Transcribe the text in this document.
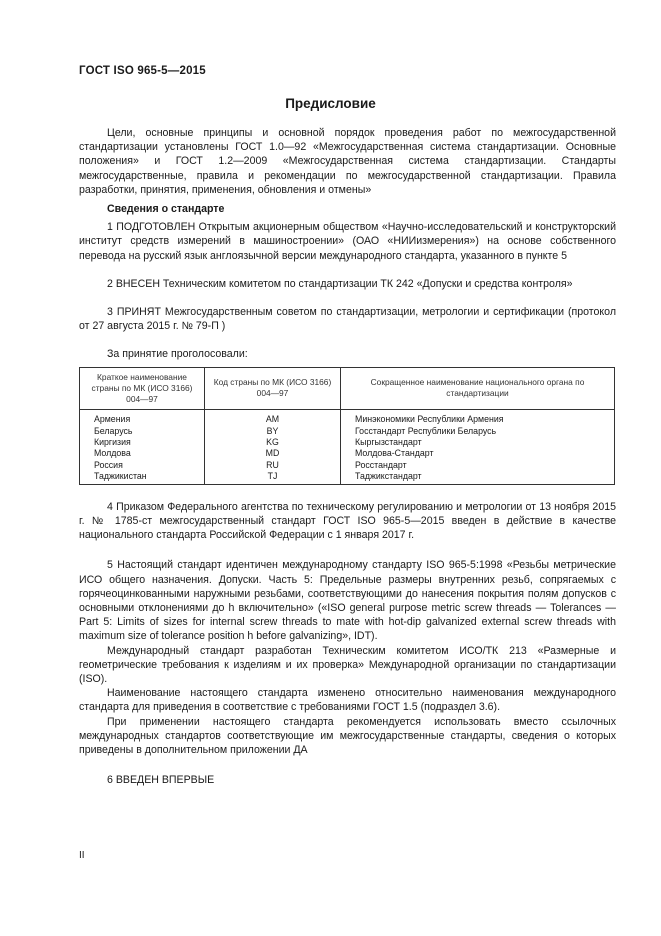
ГОСТ ISO 965-5—2015
Предисловие

Цели, основные принципы и основной порядок проведения работ по межгосударственной стандартизации установлены ГОСТ 1.0—92 «Межгосударственная система стандартизации. Основные положения» и ГОСТ 1.2—2009 «Межгосударственная система стандартизации. Стандарты межгосударственные, правила и рекомендации по межгосударственной стандартизации. Правила разработки, принятия, применения, обновления и отмены»

Сведения о стандарте

1 ПОДГОТОВЛЕН Открытым акционерным обществом «Научно-исследовательский и конструкторский институт средств измерений в машиностроении» (ОАО «НИИизмерения») на основе собственного перевода на русский язык англоязычной версии международного стандарта, указанного в пункте 5

2 ВНЕСЕН Техническим комитетом по стандартизации ТК 242 «Допуски и средства контроля»

3 ПРИНЯТ Межгосударственным советом по стандартизации, метрологии и сертификации (протокол от 27 августа 2015 г. № 79-П )

За принятие проголосовали:

Краткое наименование страны по МК (ИСО 3166) 004—97	Код страны по МК (ИСО 3166) 004—97	Сокращенное наименование национального органа по стандартизации
Армения	AM	Минэкономики Республики Армения
Беларусь	BY	Госстандарт Республики Беларусь
Киргизия	KG	Кыргызстандарт
Молдова	MD	Молдова-Стандарт
Россия	RU	Росстандарт
Таджикистан	TJ	Таджикстандарт

4 Приказом Федерального агентства по техническому регулированию и метрологии от 13 ноября 2015 г. № 1785-ст межгосударственный стандарт ГОСТ ISO 965-5—2015 введен в действие в качестве национального стандарта Российской Федерации с 1 января 2017 г.

5 Настоящий стандарт идентичен международному стандарту ISO 965-5:1998 «Резьбы метрические ИСО общего назначения. Допуски. Часть 5: Предельные размеры внутренних резьб, сопрягаемых с горячеоцинкованными наружными резьбами, соответствующими до нанесения покрытия полям допусков с основными отклонениями до h включительно» («ISO general purpose metric screw threads — Tolerances — Part 5: Limits of sizes for internal screw threads to mate with hot-dip galvanized external screw threads with maximum size of tolerance position h before galvanizing», IDT).

Международный стандарт разработан Техническим комитетом ИСО/ТК 213 «Размерные и геометрические требования к изделиям и их проверка» Международной организации по стандартизации (ISO).

Наименование настоящего стандарта изменено относительно наименования международного стандарта для приведения в соответствие с требованиями ГОСТ 1.5 (подраздел 3.6).

При применении настоящего стандарта рекомендуется использовать вместо ссылочных международных стандартов соответствующие им межгосударственные стандарты, сведения о которых приведены в дополнительном приложении ДА

6 ВВЕДЕН ВПЕРВЫЕ

II
